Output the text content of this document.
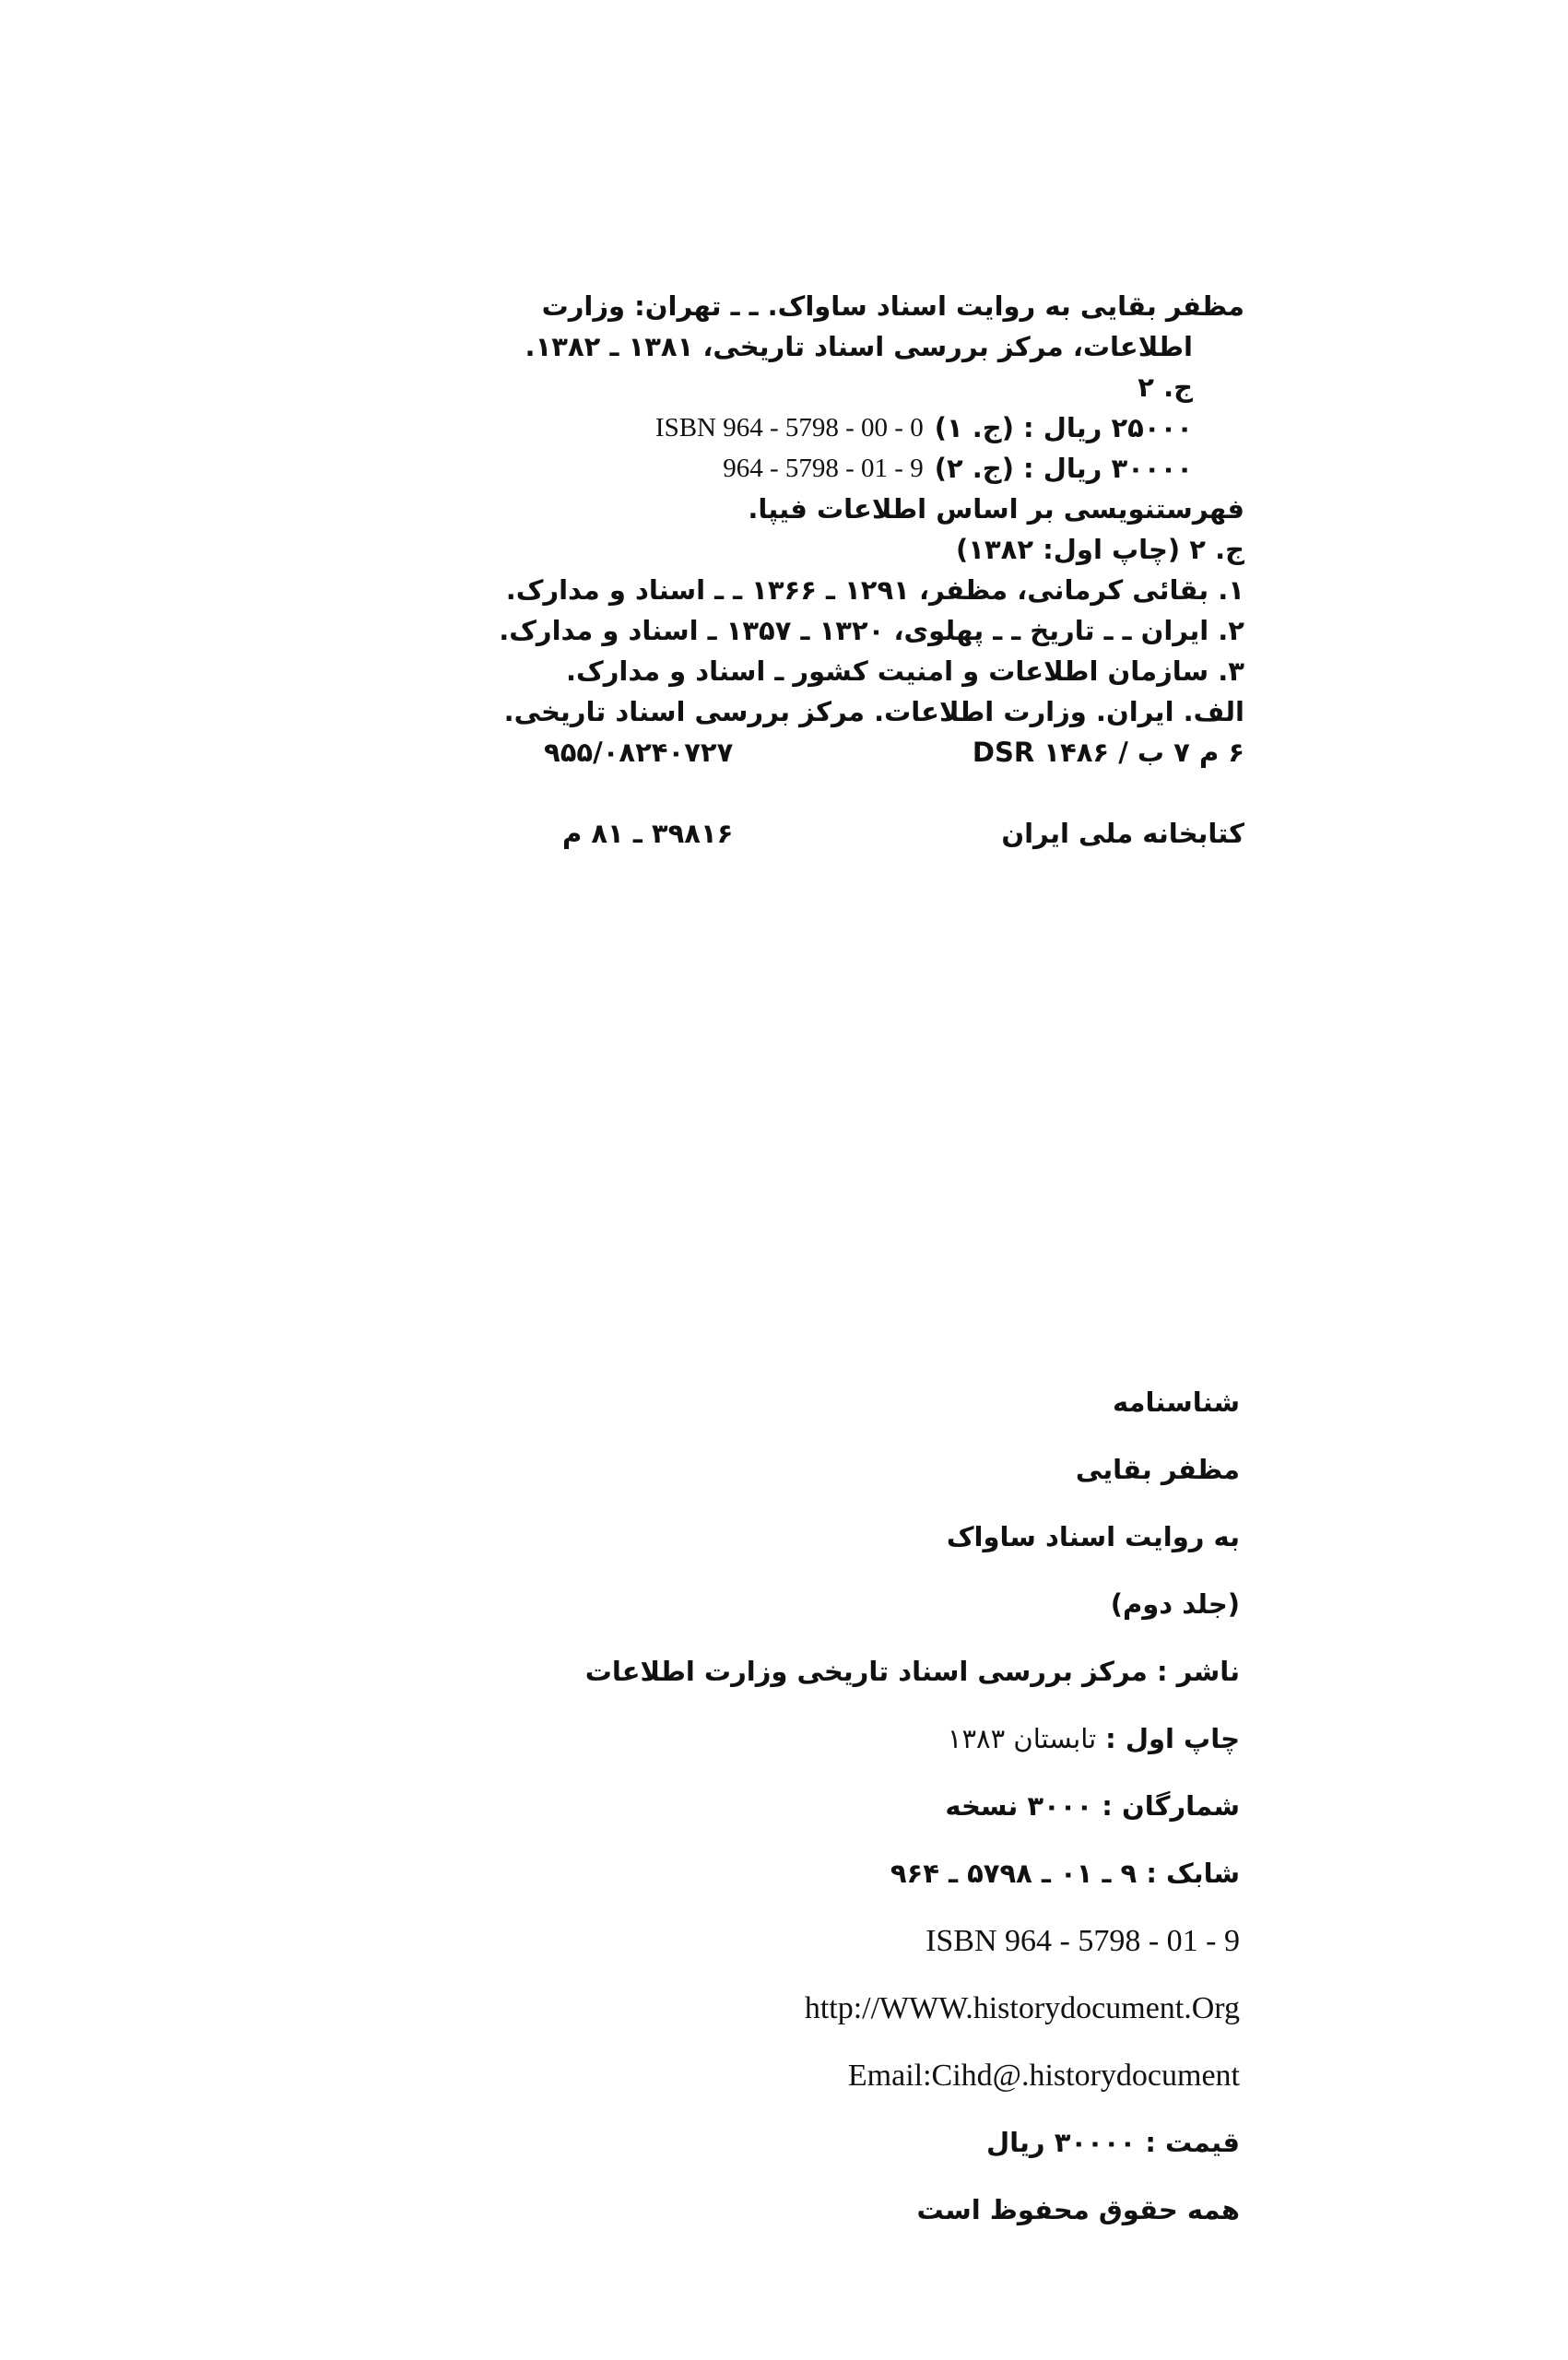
مظفر بقایی به روایت اسناد ساواک. ـ ـ تهران: وزارت
اطلاعات، مرکز بررسی اسناد تاریخی، ۱۳۸۱ ـ ۱۳۸۲.
ج. ۲
۲۵۰۰۰ ریال : (ج. ۱)
ISBN 964 - 5798 - 00 - 0
۳۰۰۰۰ ریال : (ج. ۲)
964 - 5798 - 01 - 9
فهرستنویسی بر اساس اطلاعات فیپا.
ج. ۲ (چاپ اول: ۱۳۸۲)
۱. بقائی کرمانی، مظفر، ۱۲۹۱ ـ ۱۳۶۶ ـ ـ اسناد و مدارک.
۲. ایران ـ ـ تاریخ ـ ـ پهلوی، ۱۳۲۰ ـ ۱۳۵۷ ـ اسناد و مدارک.
۳. سازمان اطلاعات و امنیت کشور ـ اسناد و مدارک.
الف. ایران. وزارت اطلاعات. مرکز بررسی اسناد تاریخی.
۶ م ۷ ب / DSR ۱۴۸۶
۹۵۵/۰۸۲۴۰۷۲۷
کتابخانه ملی ایران
۳۹۸۱۶ ـ ۸۱ م
شناسنامه
مظفر بقایی
به روایت اسناد ساواک
(جلد دوم)
ناشر : مرکز بررسی اسناد تاریخی وزارت اطلاعات
چاپ اول :تابستان ۱۳۸۳
شمارگان : ۳۰۰۰ نسخه
شابک : ۹ ـ ۰۱ ـ ۵۷۹۸ ـ ۹۶۴
ISBN 964 - 5798 - 01 - 9
http://WWW.historydocument.Org
Email:Cihd@.historydocument
قیمت : ۳۰۰۰۰ ریال
همه حقوق محفوظ است
